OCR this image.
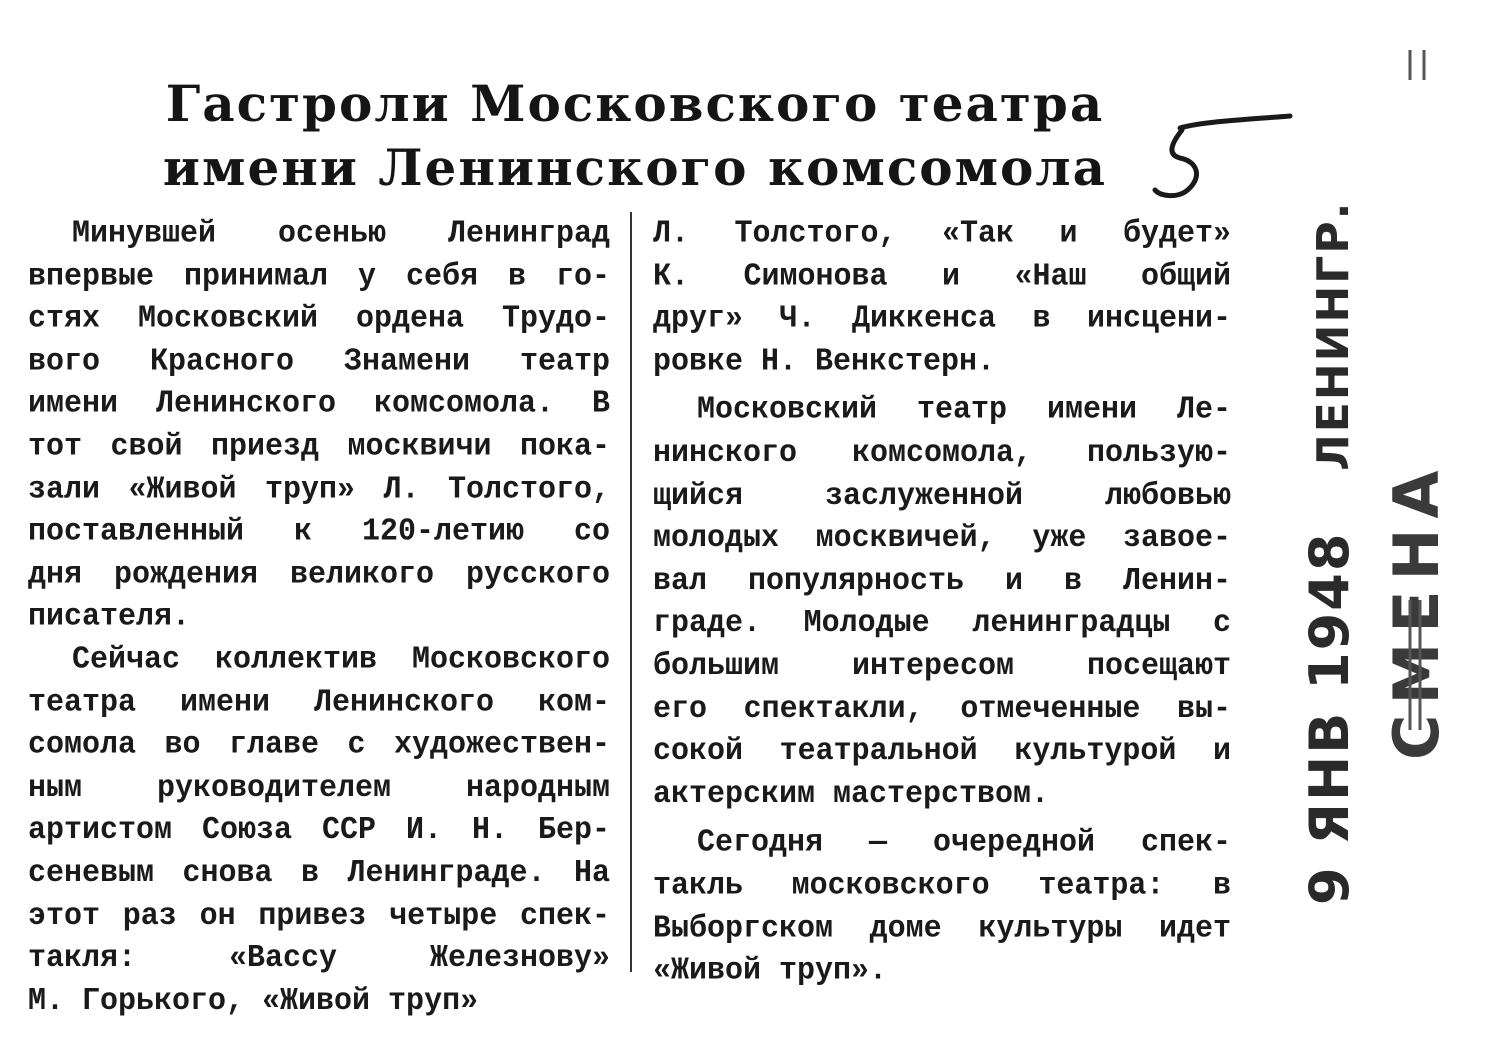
Гастроли Московского театра
имени Ленинского комсомола
5
Минувшей осенью Ленинград
впервые принимал у себя в го-
стях Московский ордена Трудо-
вого Красного Знамени театр
имени Ленинского комсомола. В
тот свой приезд москвичи пока-
зали «Живой труп» Л. Толстого,
поставленный к 120-летию со
дня рождения великого русского
писателя.
Сейчас коллектив Московского
театра имени Ленинского ком-
сомола во главе с художествен-
ным руководителем народным
артистом Союза ССР И. Н. Бер-
сеневым снова в Ленинграде. На
этот раз он привез четыре спек-
такля: «Вассу Железнову»
М. Горького, «Живой труп»
Л. Толстого, «Так и будет»
К. Симонова и «Наш общий
друг» Ч. Диккенса в инсцени-
ровке Н. Венкстерн.
Московский театр имени Ле-
нинского комсомола, пользую-
щийся заслуженной любовью
молодых москвичей, уже завое-
вал популярность и в Ленин-
граде. Молодые ленинградцы с
большим интересом посещают
его спектакли, отмеченные вы-
сокой театральной культурой и
актерским мастерством.
Сегодня — очередной спек-
такль московского театра: в
Выборгском доме культуры идет
«Живой труп».
9 ЯНВ 1948 ЛЕНИНГР.
СМЕНА
